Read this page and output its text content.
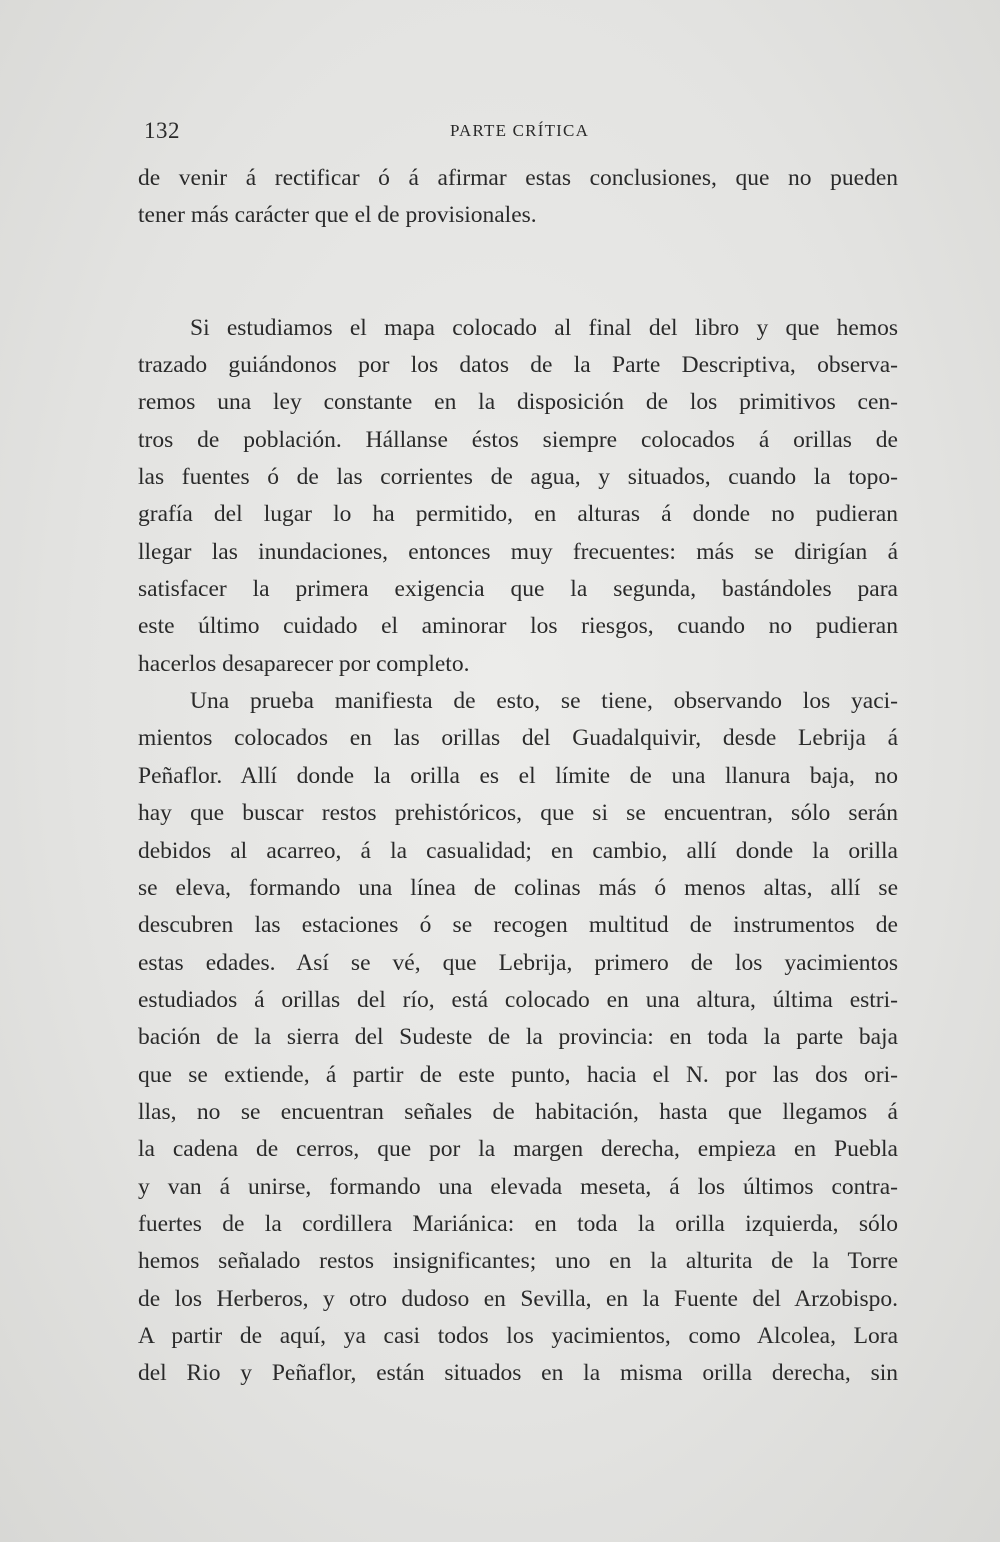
132	PARTE CRÍTICA
de venir á rectificar ó á afirmar estas conclusiones, que no pueden
tener más carácter que el de provisionales.
Si estudiamos el mapa colocado al final del libro y que hemos
trazado guiándonos por los datos de la Parte Descriptiva, observa-
remos una ley constante en la disposición de los primitivos cen-
tros de población. Hállanse éstos siempre colocados á orillas de
las fuentes ó de las corrientes de agua, y situados, cuando la topo-
grafía del lugar lo ha permitido, en alturas á donde no pudieran
llegar las inundaciones, entonces muy frecuentes: más se dirigían á
satisfacer la primera exigencia que la segunda, bastándoles para
este último cuidado el aminorar los riesgos, cuando no pudieran
hacerlos desaparecer por completo.
Una prueba manifiesta de esto, se tiene, observando los yaci-
mientos colocados en las orillas del Guadalquivir, desde Lebrija á
Peñaflor. Allí donde la orilla es el límite de una llanura baja, no
hay que buscar restos prehistóricos, que si se encuentran, sólo serán
debidos al acarreo, á la casualidad; en cambio, allí donde la orilla
se eleva, formando una línea de colinas más ó menos altas, allí se
descubren las estaciones ó se recogen multitud de instrumentos de
estas edades. Así se vé, que Lebrija, primero de los yacimientos
estudiados á orillas del río, está colocado en una altura, última estri-
bación de la sierra del Sudeste de la provincia: en toda la parte baja
que se extiende, á partir de este punto, hacia el N. por las dos ori-
llas, no se encuentran señales de habitación, hasta que llegamos á
la cadena de cerros, que por la margen derecha, empieza en Puebla
y van á unirse, formando una elevada meseta, á los últimos contra-
fuertes de la cordillera Mariánica: en toda la orilla izquierda, sólo
hemos señalado restos insignificantes; uno en la alturita de la Torre
de los Herberos, y otro dudoso en Sevilla, en la Fuente del Arzobispo.
A partir de aquí, ya casi todos los yacimientos, como Alcolea, Lora
del Rio y Peñaflor, están situados en la misma orilla derecha, sin
